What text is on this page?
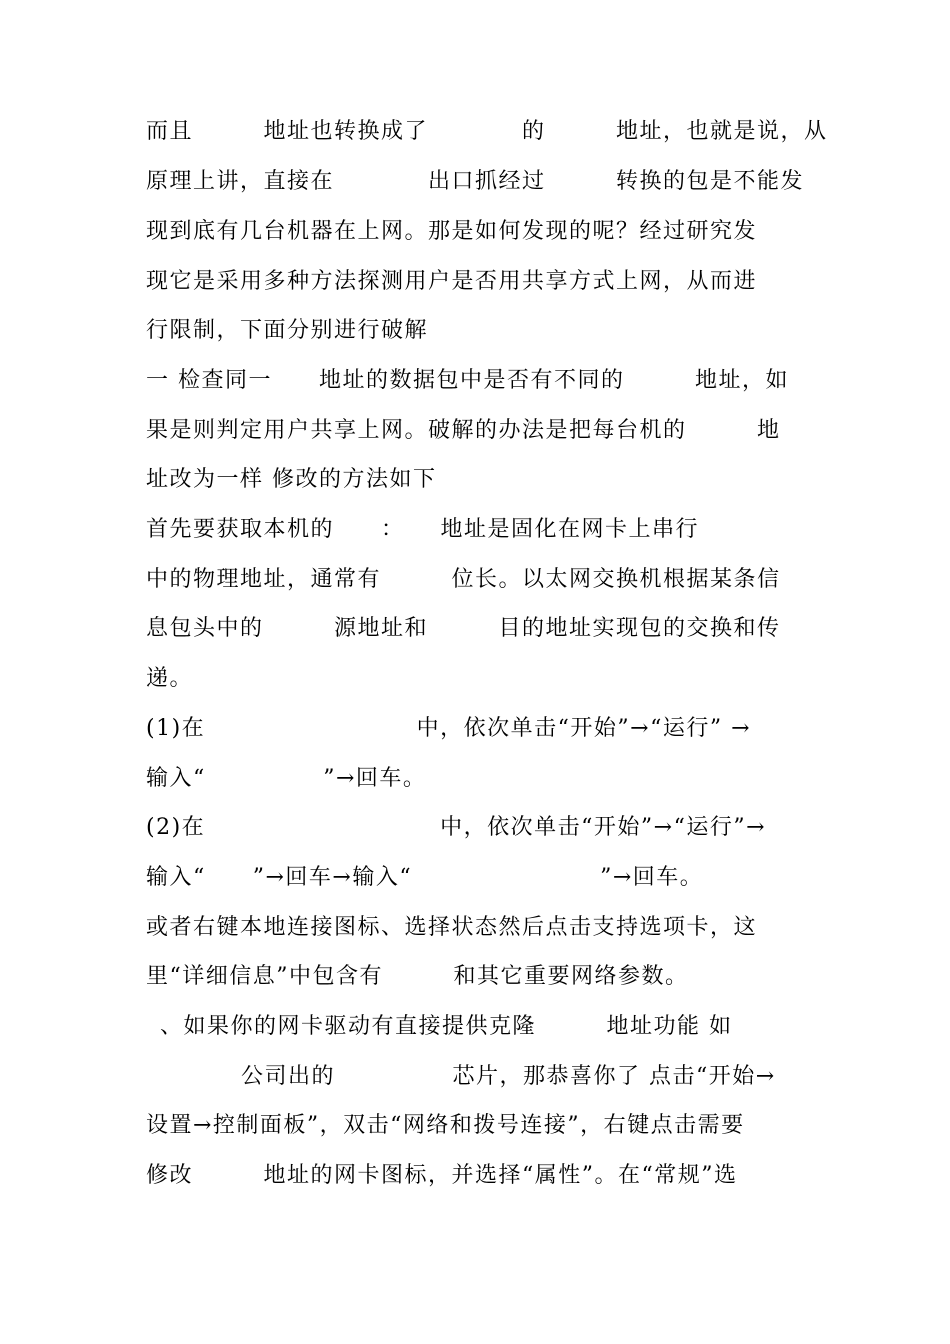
而且　　　地址也转换成了　　　　的　　　地址，也就是说，从
原理上讲，直接在　　　　出口抓经过　　　转换的包是不能发
现到底有几台机器在上网。那是如何发现的呢？经过研究发
现它是采用多种方法探测用户是否用共享方式上网，从而进
行限制，下面分别进行破解
一 检查同一　　地址的数据包中是否有不同的　　　地址，如
果是则判定用户共享上网。破解的办法是把每台机的　　　地
址改为一样 修改的方法如下
首先要获取本机的　　：　　地址是固化在网卡上串行
中的物理地址，通常有　　　位长。以太网交换机根据某条信
息包头中的　　　源地址和　　　目的地址实现包的交换和传
递。
(1)在　　　　　　　　　中，依次单击“开始”→“运行” →
输入“　　　　　”→回车。
(2)在　　　　　　　　　　中，依次单击“开始”→“运行”→
输入“　　”→回车→输入“　　　　　　　　”→回车。
或者右键本地连接图标、选择状态然后点击支持选项卡，这
里“详细信息”中包含有　　　和其它重要网络参数。
、如果你的网卡驱动有直接提供克隆　　　地址功能 如
公司出的　　　　　芯片，那恭喜你了 点击“开始→
设置→控制面板”，双击“网络和拨号连接”，右键点击需要
修改　　　地址的网卡图标，并选择“属性”。在“常规”选
